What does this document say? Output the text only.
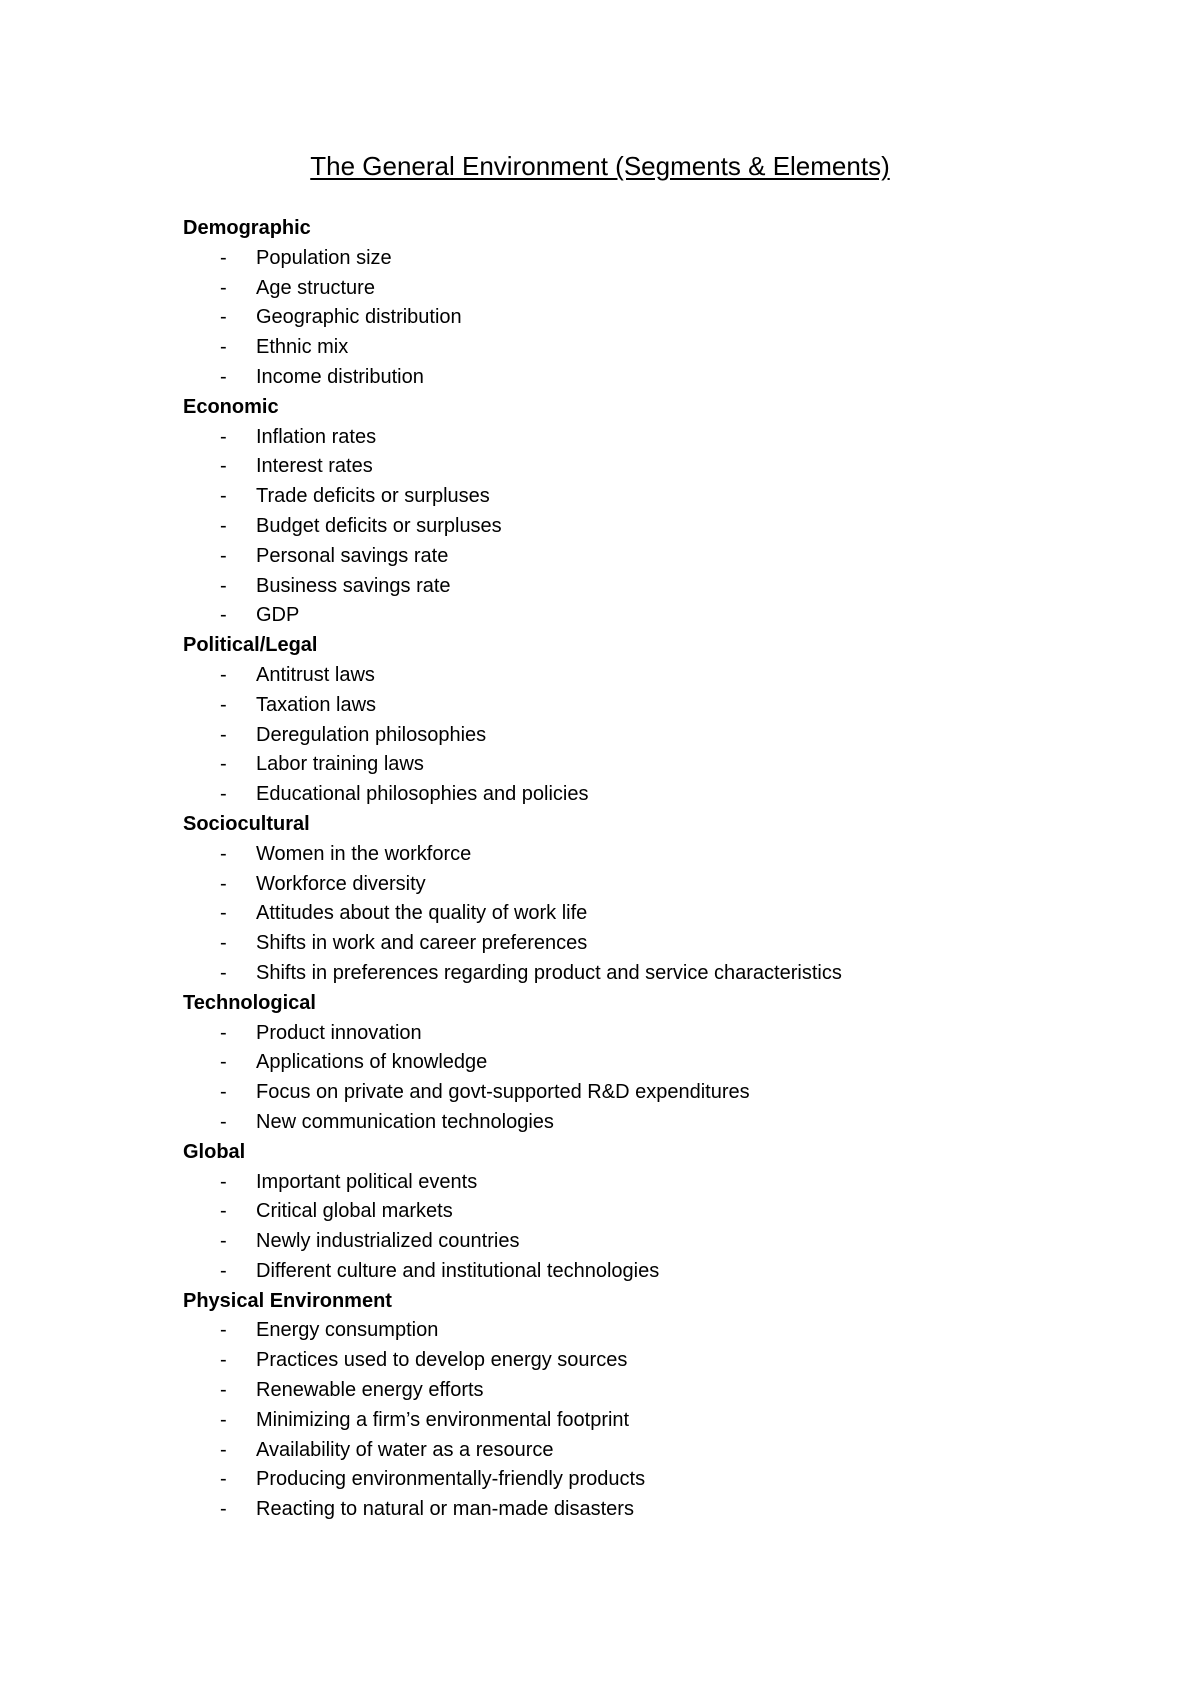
The General Environment (Segments & Elements)
Demographic
- Population size
- Age structure
- Geographic distribution
- Ethnic mix
- Income distribution
Economic
- Inflation rates
- Interest rates
- Trade deficits or surpluses
- Budget deficits or surpluses
- Personal savings rate
- Business savings rate
- GDP
Political/Legal
- Antitrust laws
- Taxation laws
- Deregulation philosophies
- Labor training laws
- Educational philosophies and policies
Sociocultural
- Women in the workforce
- Workforce diversity
- Attitudes about the quality of work life
- Shifts in work and career preferences
- Shifts in preferences regarding product and service characteristics
Technological
- Product innovation
- Applications of knowledge
- Focus on private and govt-supported R&D expenditures
- New communication technologies
Global
- Important political events
- Critical global markets
- Newly industrialized countries
- Different culture and institutional technologies
Physical Environment
- Energy consumption
- Practices used to develop energy sources
- Renewable energy efforts
- Minimizing a firm’s environmental footprint
- Availability of water as a resource
- Producing environmentally-friendly products
- Reacting to natural or man-made disasters
